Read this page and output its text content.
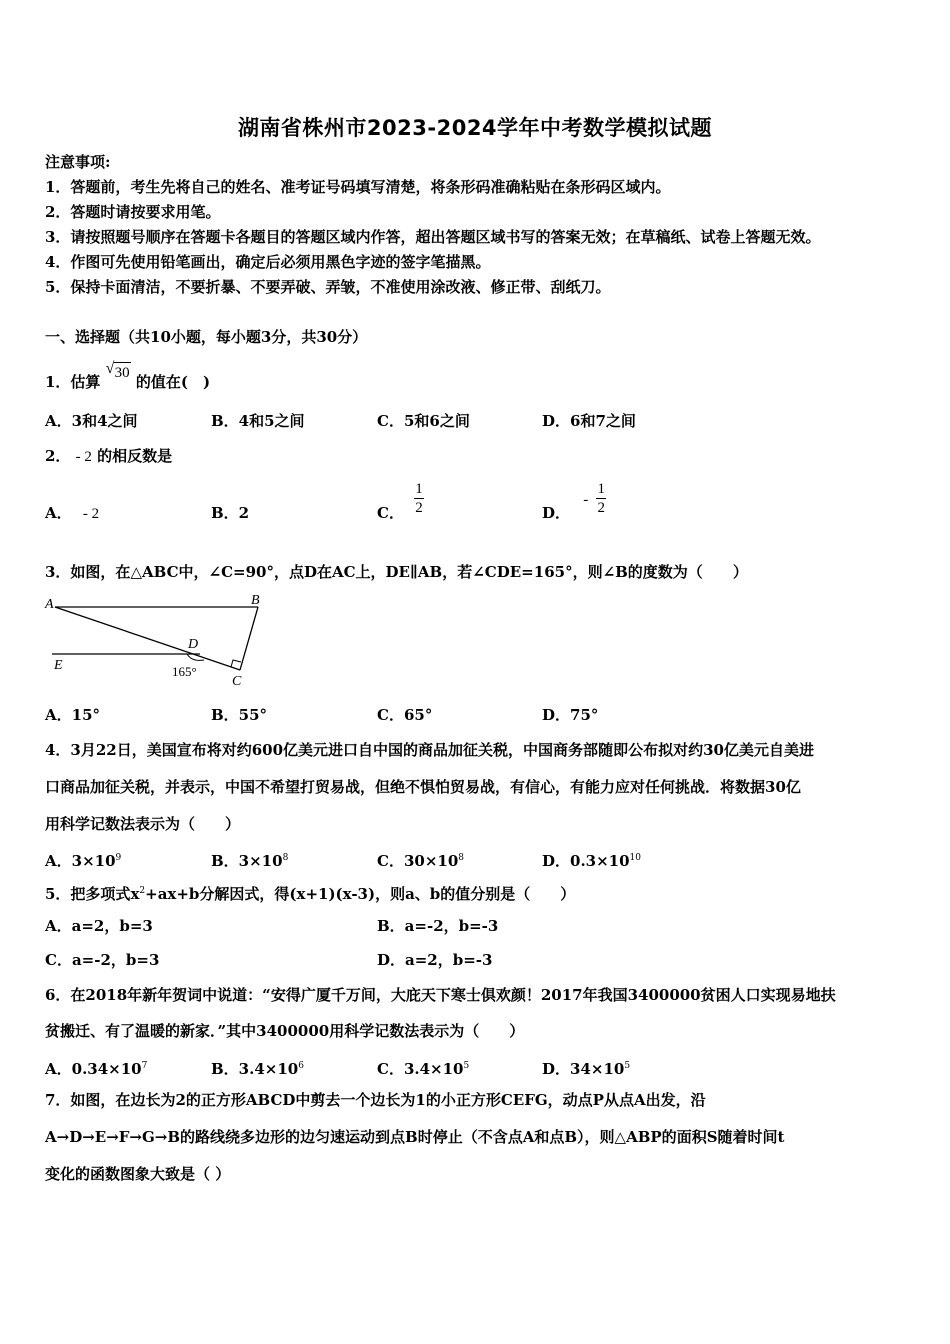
湖南省株州市2023-2024学年中考数学模拟试题
注意事项:
1．答题前，考生先将自己的姓名、准考证号码填写清楚，将条形码准确粘贴在条形码区域内。
2．答题时请按要求用笔。
3．请按照题号顺序在答题卡各题目的答题区域内作答，超出答题区域书写的答案无效；在草稿纸、试卷上答题无效。
4．作图可先使用铅笔画出，确定后必须用黑色字迹的签字笔描黑。
5．保持卡面清洁，不要折暴、不要弄破、弄皱，不准使用涂改液、修正带、刮纸刀。
一、选择题（共10小题，每小题3分，共30分）
1．估算
√ 30 的值在(　)
A．3和4之间	B．4和5之间	C．5和6之间	D．6和7之间
2． - 2 的相反数是
A． - 2	B．2	C． $\frac{1}{2}$	D． - $\frac{1}{2}$
3．如图，在△ABC中，∠C=90°，点D在AC上，DE∥AB，若∠CDE=165°，则∠B的度数为（　　）
A	B
C
D
E	165°
A．15°	B．55°	C．65°	D．75°
4．3月22日，美国宣布将对约600亿美元进口自中国的商品加征关税，中国商务部随即公布拟对约30亿美元自美进
口商品加征关税，并表示，中国不希望打贸易战，但绝不惧怕贸易战，有信心，有能力应对任何挑战．将数据30亿
用科学记数法表示为（　　）
A．$3\times 10^9$	B．$3\times 10^8$	C．$30\times 10^8$	D．$0.3\times 10^{10}$
5．把多项式$x^2+ax+b$分解因式，得(x+1)(x-3)，则a、b的值分别是（　　）
A．a=2，b=3	B．a=-2，b=-3
C．a=-2，b=3	D．a=2，b=-3
6．在2018年新年贺词中说道：“安得广厦千万间，大庇天下寒士俱欢颜！2017年我国3400000贫困人口实现易地扶
贫搬迁、有了温暖的新家．”其中3400000用科学记数法表示为（　　）
A．$0.34\times 10^7$	B．$3.4\times 10^6$	C．$3.4\times 10^5$	D．$34\times 10^5$
7．如图，在边长为2的正方形ABCD中剪去一个边长为1的小正方形CEFG，动点P从点A出发，沿
A→D→E→F→G→B的路线绕多边形的边匀速运动到点B时停止（不含点A和点B），则△ABP的面积S随着时间t
变化的函数图象大致是（ ）
